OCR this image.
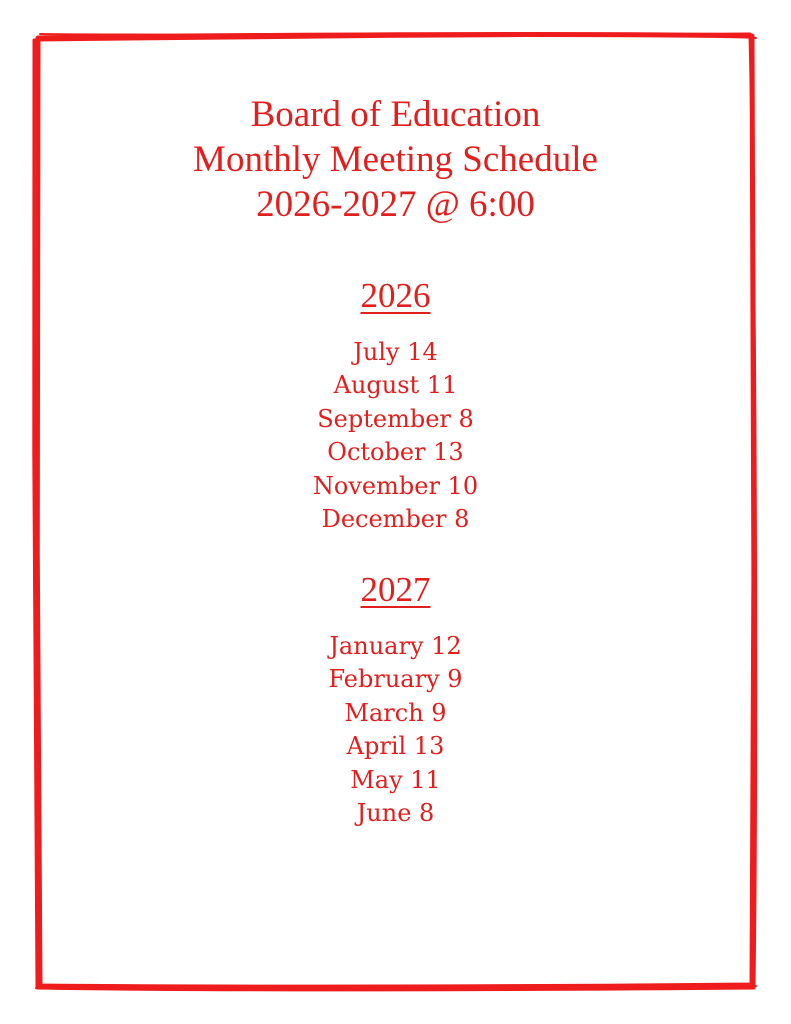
Board of Education
Monthly Meeting Schedule
2026-2027 @ 6:00
2026
July 14
August 11
September 8
October 13
November 10
December 8
2027
January 12
February 9
March 9
April 13
May 11
June 8
